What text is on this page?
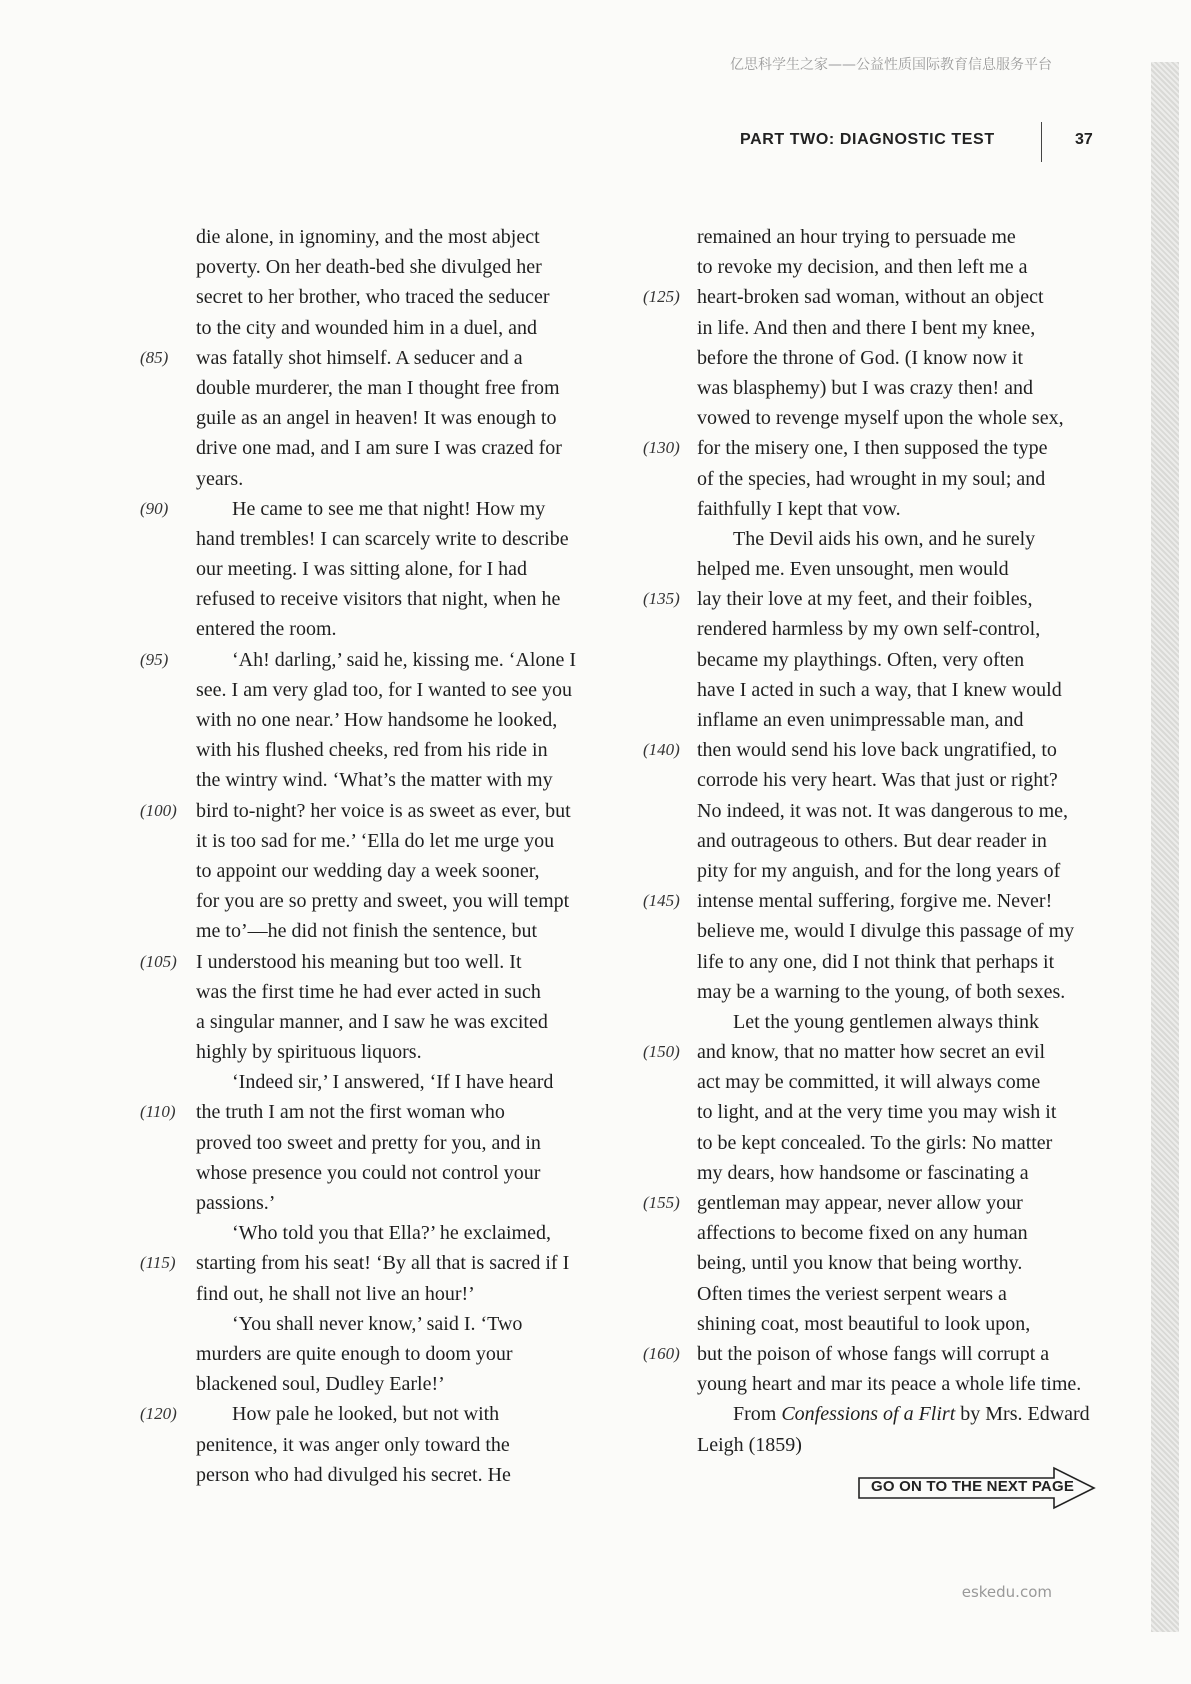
亿思科学生之家——公益性质国际教育信息服务平台
PART TWO: DIAGNOSTIC TEST	37
die alone, in ignominy, and the most abject
poverty. On her death-bed she divulged her
secret to her brother, who traced the seducer
to the city and wounded him in a duel, and
(85) was fatally shot himself. A seducer and a
double murderer, the man I thought free from
guile as an angel in heaven! It was enough to
drive one mad, and I am sure I was crazed for
years.
(90)	He came to see me that night! How my
hand trembles! I can scarcely write to describe
our meeting. I was sitting alone, for I had
refused to receive visitors that night, when he
entered the room.
(95)	‘Ah! darling,’ said he, kissing me. ‘Alone I
see. I am very glad too, for I wanted to see you
with no one near.’ How handsome he looked,
with his flushed cheeks, red from his ride in
the wintry wind. ‘What’s the matter with my
(100) bird to-night? her voice is as sweet as ever, but
it is too sad for me.’ ‘Ella do let me urge you
to appoint our wedding day a week sooner,
for you are so pretty and sweet, you will tempt
me to’—he did not finish the sentence, but
(105) I understood his meaning but too well. It
was the first time he had ever acted in such
a singular manner, and I saw he was excited
highly by spirituous liquors.
‘Indeed sir,’ I answered, ‘If I have heard
(110) the truth I am not the first woman who
proved too sweet and pretty for you, and in
whose presence you could not control your
passions.’
‘Who told you that Ella?’ he exclaimed,
(115) starting from his seat! ‘By all that is sacred if I
find out, he shall not live an hour!’
‘You shall never know,’ said I. ‘Two
murders are quite enough to doom your
blackened soul, Dudley Earle!’
(120)	How pale he looked, but not with
penitence, it was anger only toward the
person who had divulged his secret. He
remained an hour trying to persuade me
to revoke my decision, and then left me a
(125) heart-broken sad woman, without an object
in life. And then and there I bent my knee,
before the throne of God. (I know now it
was blasphemy) but I was crazy then! and
vowed to revenge myself upon the whole sex,
(130) for the misery one, I then supposed the type
of the species, had wrought in my soul; and
faithfully I kept that vow.
The Devil aids his own, and he surely
helped me. Even unsought, men would
(135) lay their love at my feet, and their foibles,
rendered harmless by my own self-control,
became my playthings. Often, very often
have I acted in such a way, that I knew would
inflame an even unimpressable man, and
(140) then would send his love back ungratified, to
corrode his very heart. Was that just or right?
No indeed, it was not. It was dangerous to me,
and outrageous to others. But dear reader in
pity for my anguish, and for the long years of
(145) intense mental suffering, forgive me. Never!
believe me, would I divulge this passage of my
life to any one, did I not think that perhaps it
may be a warning to the young, of both sexes.
Let the young gentlemen always think
(150) and know, that no matter how secret an evil
act may be committed, it will always come
to light, and at the very time you may wish it
to be kept concealed. To the girls: No matter
my dears, how handsome or fascinating a
(155) gentleman may appear, never allow your
affections to become fixed on any human
being, until you know that being worthy.
Often times the veriest serpent wears a
shining coat, most beautiful to look upon,
(160) but the poison of whose fangs will corrupt a
young heart and mar its peace a whole life time.
From Confessions of a Flirt by Mrs. Edward
Leigh (1859)
GO ON TO THE NEXT PAGE
eskedu.com
